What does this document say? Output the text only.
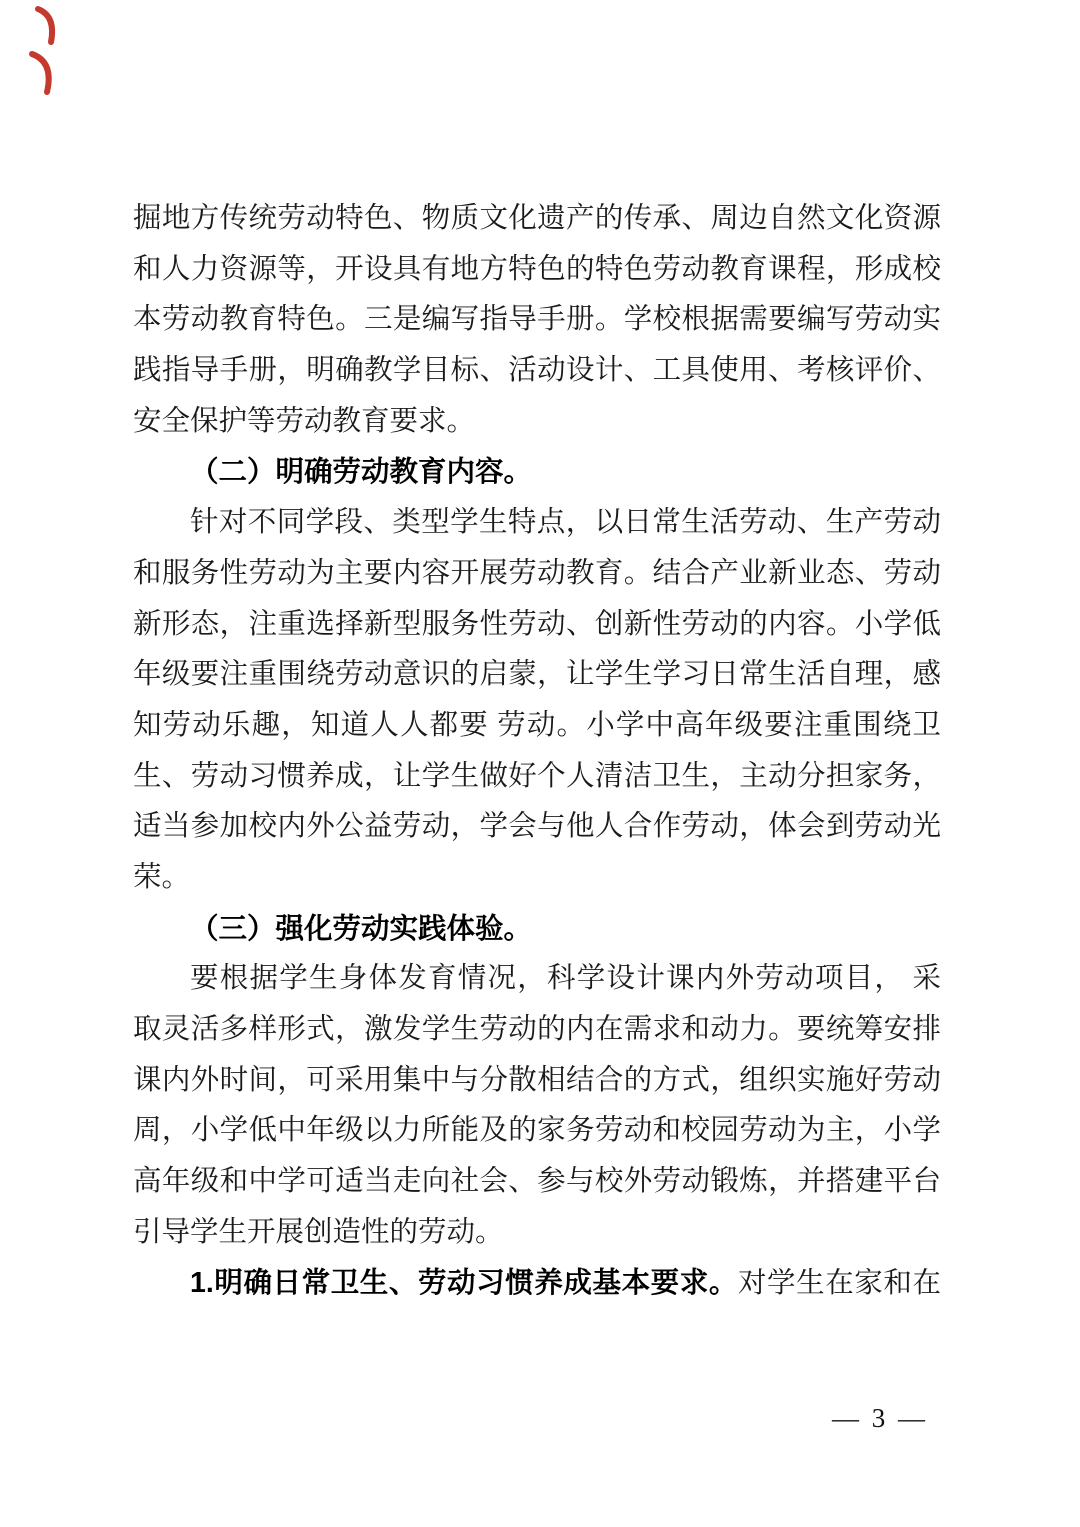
掘地方传统劳动特色、物质文化遗产的传承、周边自然文化资源
和人力资源等，开设具有地方特色的特色劳动教育课程，形成校
本劳动教育特色。三是编写指导手册。学校根据需要编写劳动实
践指导手册，明确教学目标、活动设计、工具使用、考核评价、
安全保护等劳动教育要求。
（二）明确劳动教育内容。
针对不同学段、类型学生特点，以日常生活劳动、生产劳动
和服务性劳动为主要内容开展劳动教育。结合产业新业态、劳动
新形态，注重选择新型服务性劳动、创新性劳动的内容。小学低
年级要注重围绕劳动意识的启蒙，让学生学习日常生活自理，感
知劳动乐趣，知道人人都要 劳动。小学中高年级要注重围绕卫
生、劳动习惯养成，让学生做好个人清洁卫生，主动分担家务，
适当参加校内外公益劳动，学会与他人合作劳动，体会到劳动光
荣。
（三）强化劳动实践体验。
要根据学生身体发育情况，科学设计课内外劳动项目， 采
取灵活多样形式，激发学生劳动的内在需求和动力。要统筹安排
课内外时间，可采用集中与分散相结合的方式，组织实施好劳动
周，小学低中年级以力所能及的家务劳动和校园劳动为主，小学
高年级和中学可适当走向社会、参与校外劳动锻炼，并搭建平台
引导学生开展创造性的劳动。
1.明确日常卫生、劳动习惯养成基本要求。对学生在家和在
— 3 —
